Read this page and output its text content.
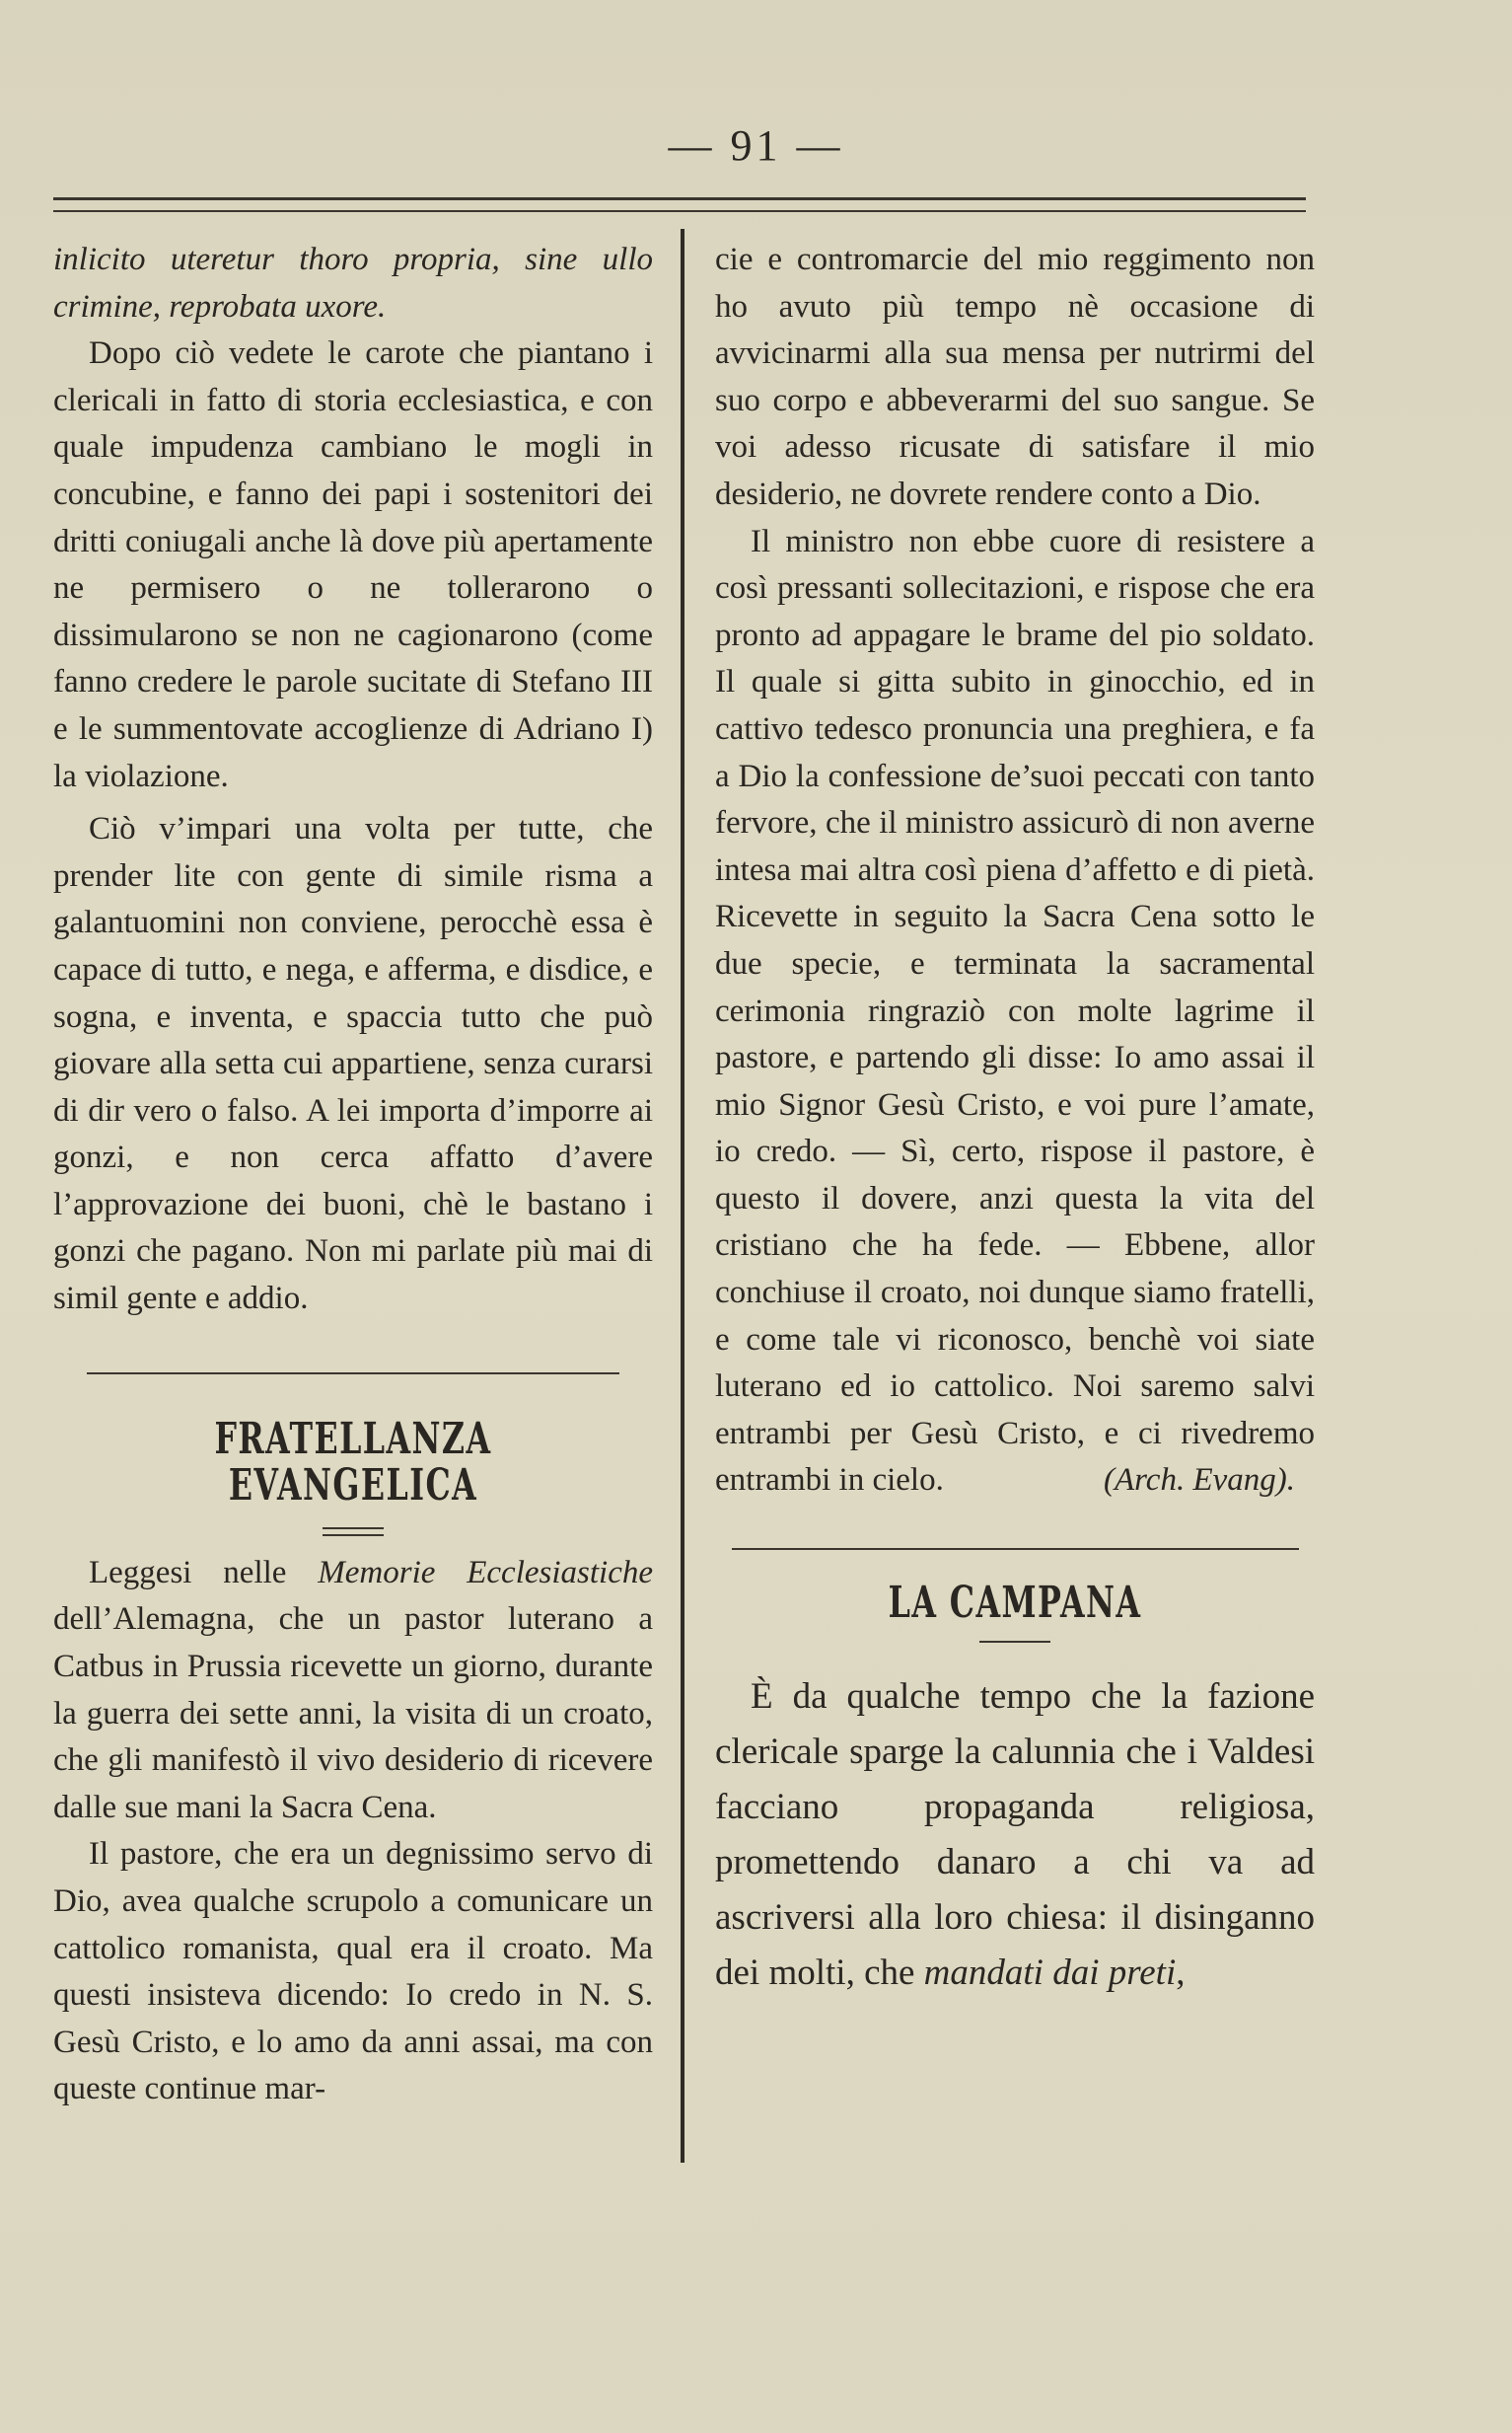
— 91 —

inlicito uteretur thoro propria, sine ullo crimine, reprobata uxore.

Dopo ciò vedete le carote che piantano i clericali in fatto di storia ecclesiastica, e con quale impudenza cambiano le mogli in concubine, e fanno dei papi i sostenitori dei dritti coniugali anche là dove più apertamente ne permisero o ne tollerarono o dissimularono se non ne cagionarono (come fanno credere le parole sucitate di Stefano III e le summentovate accoglienze di Adriano I) la violazione.

Ciò v’impari una volta per tutte, che prender lite con gente di simile risma a galantuomini non conviene, perocchè essa è capace di tutto, e nega, e afferma, e disdice, e sogna, e inventa, e spaccia tutto che può giovare alla setta cui appartiene, senza curarsi di dir vero o falso. A lei importa d’imporre ai gonzi, e non cerca affatto d’avere l’approvazione dei buoni, chè le bastano i gonzi che pagano. Non mi parlate più mai di simil gente e addio.

FRATELLANZA EVANGELICA

Leggesi nelle Memorie Ecclesiastiche dell’Alemagna, che un pastor luterano a Catbus in Prussia ricevette un giorno, durante la guerra dei sette anni, la visita di un croato, che gli manifestò il vivo desiderio di ricevere dalle sue mani la Sacra Cena.

Il pastore, che era un degnissimo servo di Dio, avea qualche scrupolo a comunicare un cattolico romanista, qual era il croato. Ma questi insisteva dicendo: Io credo in N. S. Gesù Cristo, e lo amo da anni assai, ma con queste continue mar-

cie e contromarcie del mio reggimento non ho avuto più tempo nè occasione di avvicinarmi alla sua mensa per nutrirmi del suo corpo e abbeverarmi del suo sangue. Se voi adesso ricusate di satisfare il mio desiderio, ne dovrete rendere conto a Dio.

Il ministro non ebbe cuore di resistere a così pressanti sollecitazioni, e rispose che era pronto ad appagare le brame del pio soldato. Il quale si gitta subito in ginocchio, ed in cattivo tedesco pronuncia una preghiera, e fa a Dio la confessione de’suoi peccati con tanto fervore, che il ministro assicurò di non averne intesa mai altra così piena d’affetto e di pietà. Ricevette in seguito la Sacra Cena sotto le due specie, e terminata la sacramental cerimonia ringraziò con molte lagrime il pastore, e partendo gli disse: Io amo assai il mio Signor Gesù Cristo, e voi pure l’amate, io credo. — Sì, certo, rispose il pastore, è questo il dovere, anzi questa la vita del cristiano che ha fede. — Ebbene, allor conchiuse il croato, noi dunque siamo fratelli, e come tale vi riconosco, benchè voi siate luterano ed io cattolico. Noi saremo salvi entrambi per Gesù Cristo, e ci rivedremo entrambi in cielo.	(Arch. Evang).

LA CAMPANA

È da qualche tempo che la fazione clericale sparge la calunnia che i Valdesi facciano propaganda religiosa, promettendo danaro a chi va ad ascriversi alla loro chiesa: il disinganno dei molti, che mandati dai preti,
